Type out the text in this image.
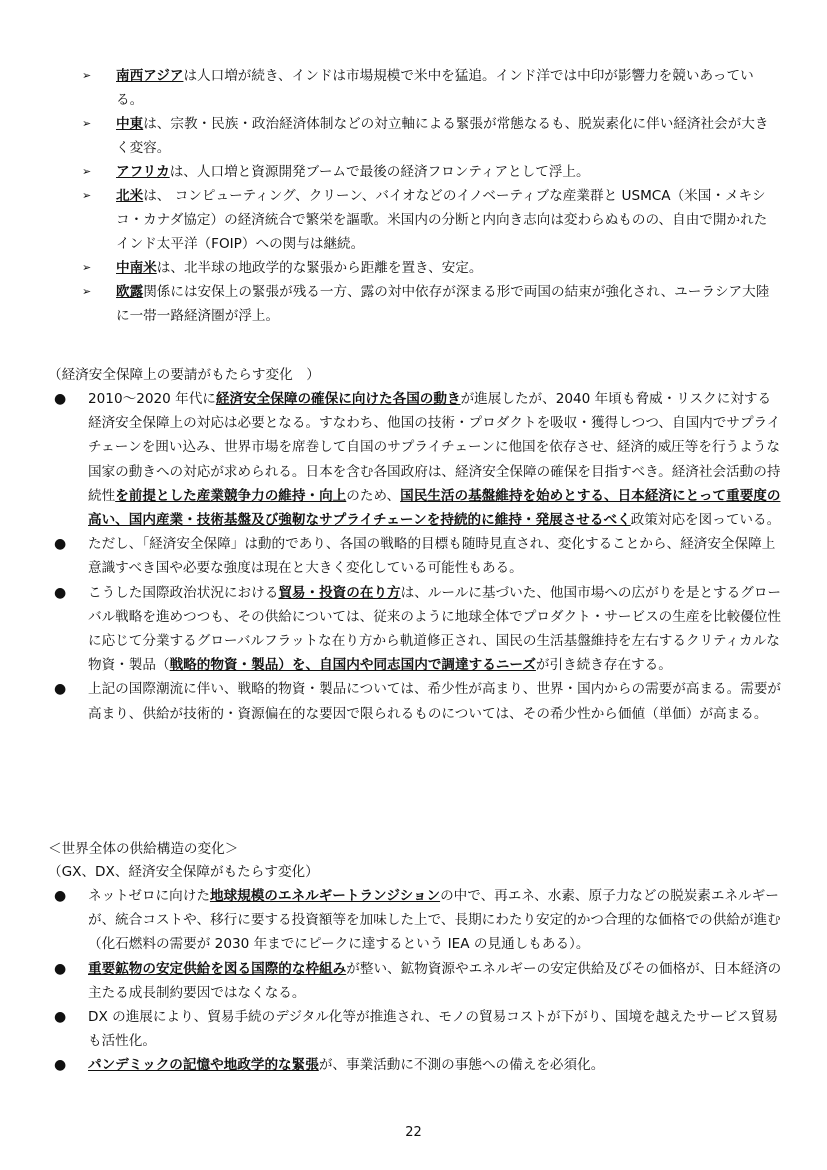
➢	南西アジアは人口増が続き、インドは市場規模で米中を猛追。インド洋では中印が影響力を競いあっている。
➢	中東は、宗教・民族・政治経済体制などの対立軸による緊張が常態なるも、脱炭素化に伴い経済社会が大きく変容。
➢	アフリカは、人口増と資源開発ブームで最後の経済フロンティアとして浮上。
➢	北米は、 コンピューティング、クリーン、バイオなどのイノベーティブな産業群と USMCA（米国・メキシコ・カナダ協定）の経済統合で繁栄を謳歌。米国内の分断と内向き志向は変わらぬものの、自由で開かれたインド太平洋（FOIP）への関与は継続。
➢	中南米は、北半球の地政学的な緊張から距離を置き、安定。
➢	欧露関係には安保上の緊張が残る一方、露の対中依存が深まる形で両国の結束が強化され、ユーラシア大陸に一帯一路経済圏が浮上。
（経済安全保障上の要請がもたらす変化　）
●	2010～2020 年代に経済安全保障の確保に向けた各国の動きが進展したが、2040 年頃も脅威・リスクに対する経済安全保障上の対応は必要となる。すなわち、他国の技術・プロダクトを吸収・獲得しつつ、自国内でサプライチェーンを囲い込み、世界市場を席巻して自国のサプライチェーンに他国を依存させ、経済的威圧等を行うような国家の動きへの対応が求められる。日本を含む各国政府は、経済安全保障の確保を目指すべき。経済社会活動の持続性を前提とした産業競争力の維持・向上のため、国民生活の基盤維持を始めとする、日本経済にとって重要度の高い、国内産業・技術基盤及び強靭なサプライチェーンを持続的に維持・発展させるべく政策対応を図っている。
●	ただし、「経済安全保障」は動的であり、各国の戦略的目標も随時見直され、変化することから、経済安全保障上意識すべき国や必要な強度は現在と大きく変化している可能性もある。
●	こうした国際政治状況における貿易・投資の在り方は、ルールに基づいた、他国市場への広がりを是とするグローバル戦略を進めつつも、その供給については、従来のように地球全体でプロダクト・サービスの生産を比較優位性に応じて分業するグローバルフラットな在り方から軌道修正され、国民の生活基盤維持を左右するクリティカルな物資・製品（戦略的物資・製品）を、自国内や同志国内で調達するニーズが引き続き存在する。
●	上記の国際潮流に伴い、戦略的物資・製品については、希少性が高まり、世界・国内からの需要が高まる。需要が高まり、供給が技術的・資源偏在的な要因で限られるものについては、その希少性から価値（単価）が高まる。
＜世界全体の供給構造の変化＞
（GX、DX、経済安全保障がもたらす変化）
●	ネットゼロに向けた地球規模のエネルギートランジションの中で、再エネ、水素、原子力などの脱炭素エネルギーが、統合コストや、移行に要する投資額等を加味した上で、長期にわたり安定的かつ合理的な価格での供給が進む（化石燃料の需要が 2030 年までにピークに達するという IEA の見通しもある）。
●	重要鉱物の安定供給を図る国際的な枠組みが整い、鉱物資源やエネルギーの安定供給及びその価格が、日本経済の主たる成長制約要因ではなくなる。
●	DX の進展により、貿易手続のデジタル化等が推進され、モノの貿易コストが下がり、国境を越えたサービス貿易も活性化。
●	パンデミックの記憶や地政学的な緊張が、事業活動に不測の事態への備えを必須化。
22
